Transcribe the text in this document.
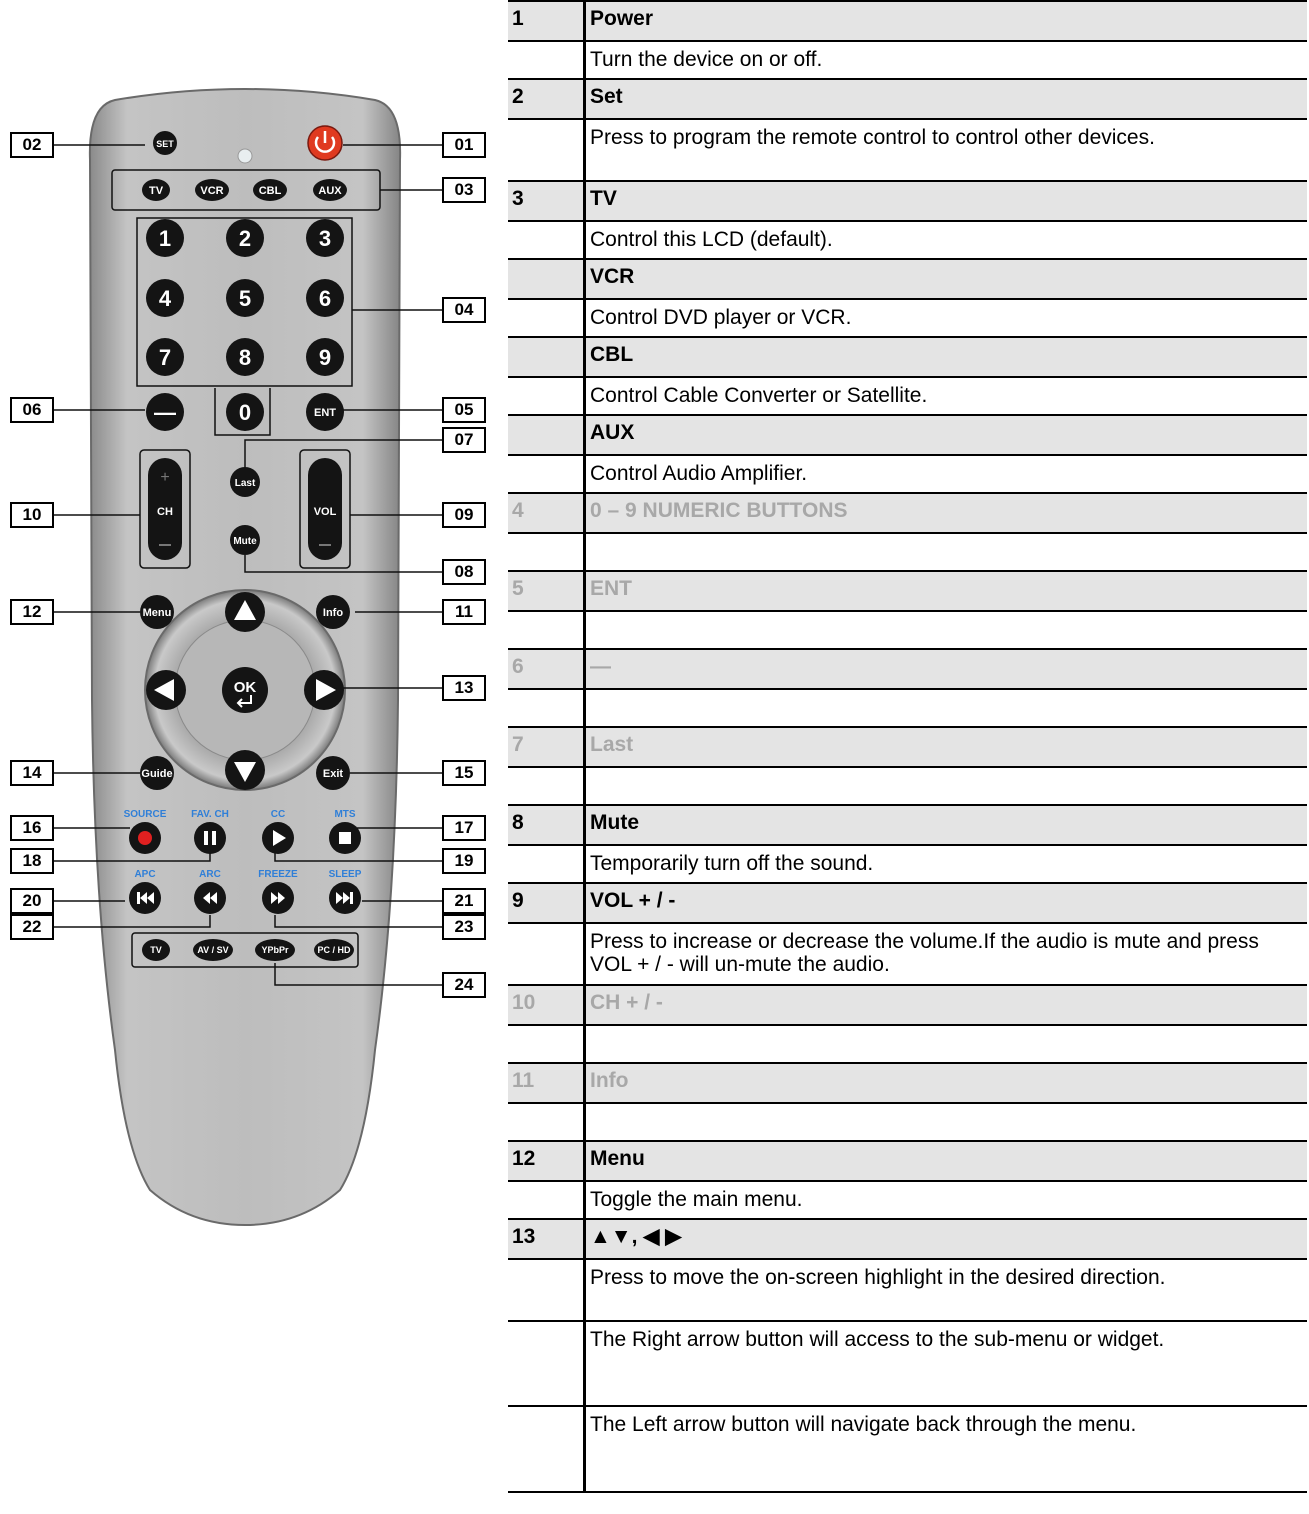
SET
TV	VCR	CBL	AUX
1	2	3
4	5	6
7	8	9
—	0	ENT
Last
Mute
+
CH	VOL
Menu	Info
Guide	Exit
OK
SOURCE FAV. CH	CC	MTS
APC	ARC	FREEZE	SLEEP
TV	AV / SV	YPbPr	PC / HD
01
02
03
04
05
06
07
08
09
10
11
12
13
14	15
16	17
18	19
20	21
22	23
24
1	Power
	Turn the device on or off.
2	Set
	Press to program the remote control to control other devices.
3	TV
	Control this LCD (default).
	VCR
	Control DVD player or VCR.
	CBL
	Control Cable Converter or Satellite.
	AUX
	Control Audio Amplifier.
4	0 – 9 NUMERIC BUTTONS

5	ENT

6	—

7	Last

8	Mute
	Temporarily turn off the sound.
9	VOL + / -
	Press to increase or decrease the volume.If the audio is mute and press VOL + / - will un-mute the audio.
10	CH + / -

11	Info

12	Menu
	Toggle the main menu.
13	▲▼, ◀ ▶
	Press to move the on-screen highlight in the desired direction.
	The Right arrow button will access to the sub-menu or widget.
	The Left arrow button will navigate back through the menu.
